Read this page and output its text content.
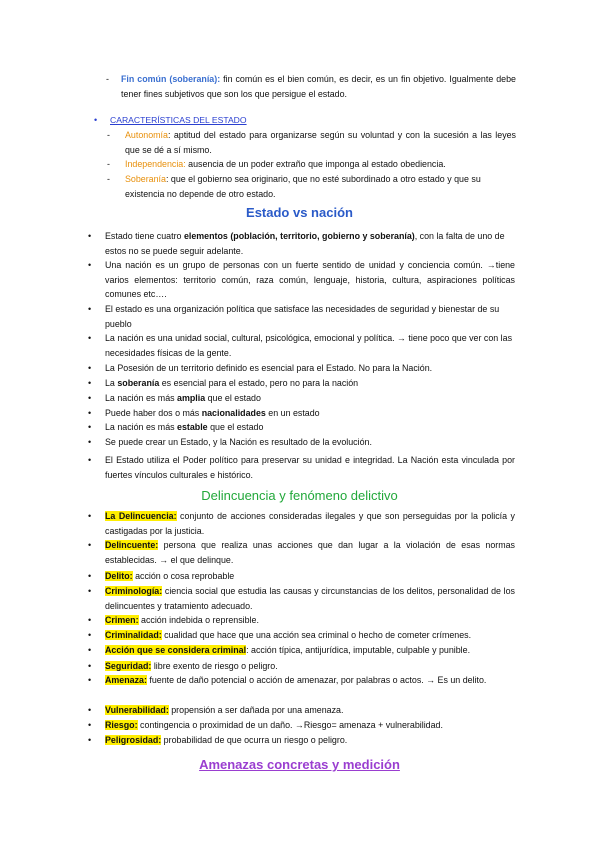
-	Fin común (soberanía): fin común es el bien común, es decir, es un fin objetivo. Igualmente debe tener fines subjetivos que son los que persigue el estado.
• CARACTERÍSTICAS DEL ESTADO
-	Autonomía: aptitud del estado para organizarse según su voluntad y con la sucesión a las leyes que se dé a sí mismo.
-	Independencia: ausencia de un poder extraño que imponga al estado obediencia.
-	Soberanía: que el gobierno sea originario, que no esté subordinado a otro estado y que su existencia no depende de otro estado.
Estado vs nación
•	Estado tiene cuatro elementos (población, territorio, gobierno y soberanía), con la falta de uno de estos no se puede seguir adelante.
•	Una nación es un grupo de personas con un fuerte sentido de unidad y conciencia común. →tiene varios elementos: territorio común, raza común, lenguaje, historia, cultura, aspiraciones políticas comunes etc….
•	El estado es una organización política que satisface las necesidades de seguridad y bienestar de su pueblo
•	La nación es una unidad social, cultural, psicológica, emocional y política. → tiene poco que ver con las necesidades físicas de la gente.
•	La Posesión de un territorio definido es esencial para el Estado. No para la Nación.
•	La soberanía es esencial para el estado, pero no para la nación
•	La nación es más amplia que el estado
•	Puede haber dos o más nacionalidades en un estado
•	La nación es más estable que el estado
•	Se puede crear un Estado, y la Nación es resultado de la evolución.
•	El Estado utiliza el Poder político para preservar su unidad e integridad. La Nación esta vinculada por fuertes vínculos culturales e histórico.
Delincuencia y fenómeno delictivo
•	La Delincuencia: conjunto de acciones consideradas ilegales y que son perseguidas por la policía y castigadas por la justicia.
•	Delincuente: persona que realiza unas acciones que dan lugar a la violación de esas normas establecidas. → el que delinque.
•	Delito: acción o cosa reprobable
•	Criminología: ciencia social que estudia las causas y circunstancias de los delitos, personalidad de los delincuentes y tratamiento adecuado.
•	Crimen: acción indebida o reprensible.
•	Criminalidad: cualidad que hace que una acción sea criminal o hecho de cometer crímenes.
•	Acción que se considera criminal: acción típica, antijurídica, imputable, culpable y punible.
•	Seguridad: libre exento de riesgo o peligro.
•	Amenaza: fuente de daño potencial o acción de amenazar, por palabras o actos. → Es un delito.
•	Vulnerabilidad: propensión a ser dañada por una amenaza.
•	Riesgo: contingencia o proximidad de un daño. →Riesgo= amenaza + vulnerabilidad.
•	Peligrosidad: probabilidad de que ocurra un riesgo o peligro.
Amenazas concretas y medición
